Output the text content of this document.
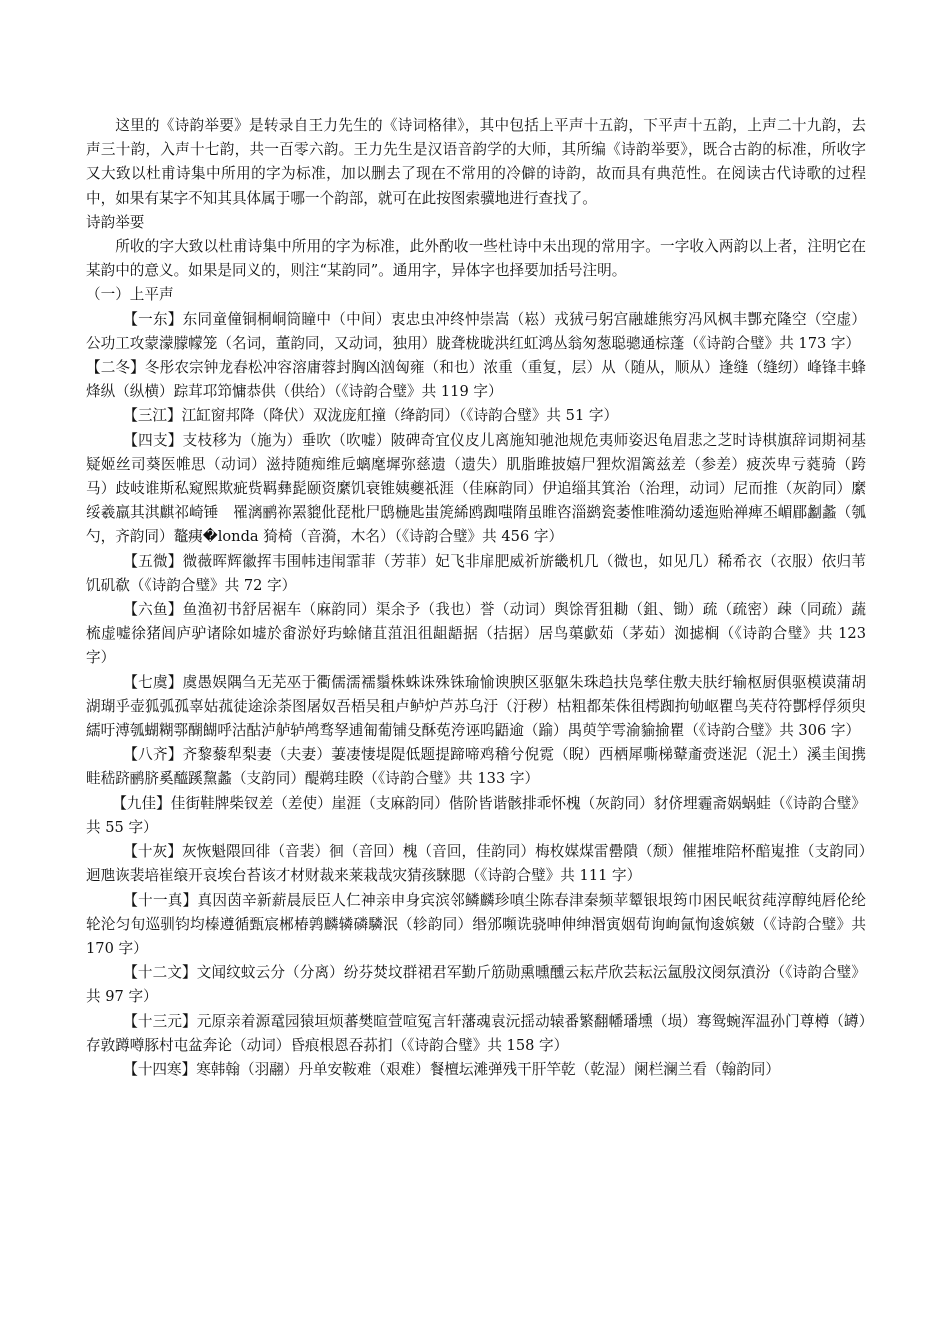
这里的《诗韵举要》是转录自王力先生的《诗词格律》，其中包括上平声十五韵，下平声十五韵，上声二十九韵，去声三十韵，入声十七韵，共一百零六韵。王力先生是汉语音韵学的大师，其所编《诗韵举要》，既合古韵的标准，所收字又大致以杜甫诗集中所用的字为标准，加以删去了现在不常用的冷僻的诗韵，故而具有典范性。在阅读古代诗歌的过程中，如果有某字不知其具体属于哪一个韵部，就可在此按图索骥地进行查找了。

诗韵举要

所收的字大致以杜甫诗集中所用的字为标准，此外酌收一些杜诗中未出现的常用字。一字收入两韵以上者，注明它在某韵中的意义。如果是同义的，则注“某韵同”。通用字，异体字也择要加括号注明。

（一）上平声

【一东】东同童僮铜桐峒筒瞳中（中间）衷忠虫冲终忡崇嵩（崧）戎狨弓躬宫融雄熊穷冯风枫丰酆充隆空（空虚）公功工攻蒙濛朦幪笼（名词，董韵同，又动词，独用）胧聋栊昽洪红虹鸿丛翁匆葱聪骢通棕蓬（《诗韵合璧》共 173 字）

【二冬】冬彤农宗钟龙舂松冲容溶庸蓉封胸凶汹匈雍（和也）浓重（重复，层）从（随从，顺从）逢缝（缝纫）峰锋丰蜂烽纵（纵横）踪茸邛笻慵恭供（供给）（《诗韵合璧》共 119 字）

【三江】江缸窗邦降（降伏）双泷庞舡撞（绛韵同）（《诗韵合璧》共 51 字）

【四支】支枝移为（施为）垂吹（吹嘘）陂碑奇宜仪皮儿离施知驰池规危夷师姿迟龟眉悲之芝时诗棋旗辞词期祠基疑姬丝司葵医帷思（动词）滋持随痴维卮螭麾墀弥慈遗（遗失）肌脂雎披嬉尸狸炊湄篱兹差（参差）疲茨卑亏蕤骑（跨马）歧岐谁斯私窥熙欺疵赀羁彝髭颐资縻饥衰锥姨夔祇涯（佳麻韵同）伊追缁其箕治（治理，动词）尼而推（灰韵同）縻绥羲羸其淇麒祁崎锤　罹漓鹂祢罴貔仳琵枇尸鸱椸匙蚩箎絺鸥踟嗤隋虽睢咨淄鹚瓷萎惟唯漪幼逶迤贻禅痺丕嵋郿劙蠡（瓠勺，齐韵同）鼇痍�londa 猗椅（音漪，木名）（《诗韵合璧》共 456 字）

【五微】微薇晖辉徽挥韦围帏违闱霏菲（芳菲）妃飞非扉肥威祈旂畿机几（微也，如见几）稀希衣（衣服）依归苇饥矶欷（《诗韵合璧》共 72 字）

【六鱼】鱼渔初书舒居裾车（麻韵同）渠余予（我也）誉（动词）舆馀胥狙耡（鉏、锄）疏（疏密）疎（同疏）蔬梳虚嘘徐猪闾庐驴诸除如墟於畬淤妤玙蜍储苴菹沮徂龃龉据（拮据）居鸟蕖歔茹（茅茹）洳摅榈（《诗韵合璧》共 123 字）

【七虞】虞愚娱隅刍无芜巫于衢儒濡襦鬚株蛛诛殊铢瑜愉谀腴区驱躯朱珠趋扶凫孳住敷夫肤纡输枢厨俱驱模谟蒲胡湖瑚乎壶狐弧孤辜姑菰徒途涂荼图屠奴吾梧吴租卢鲈炉芦苏乌汙（汙秽）枯粗都茱侏徂樗踟拘劬岖瞿鸟芙苻符酆桴俘须臾繻吁溥瓠蝴糊鄠醐餬呼沽酤泸舻轳鸬骛孥逋匍葡铺殳酥莬洿诬呜鼯逾（踰）禺萸竽雩渝貐揄瞿（《诗韵合璧》共 306 字）

【八齐】齐黎藜犁梨妻（夫妻）萋凄悽堤隄低题提蹄啼鸡稽兮倪霓（睨）西栖犀嘶梯鼙齑赍迷泥（泥土）溪圭闺携畦嵇跻鹂脐奚醯蹊黧蠡（支韵同）醍鹈珪睽（《诗韵合璧》共 133 字）

【九佳】佳街鞋牌柴钗差（差使）崖涯（支麻韵同）偕阶皆谐骸排乖怀槐（灰韵同）豺侪埋霾斋娲蜗蛙（《诗韵合璧》共 55 字）

【十灰】灰恢魁隈回徘（音裴）徊（音回）槐（音回，佳韵同）梅枚媒煤雷罍隤（颓）催摧堆陪杯醅嵬推（支韵同）迴虺诙裴培崔缞开哀埃台苔该才材财裁来莱栽哉灾猜孩騋腮（《诗韵合璧》共 111 字）

【十一真】真因茵辛新薪晨辰臣人仁神亲申身宾滨邻鳞麟珍嗔尘陈春津秦频苹颦银垠筠巾困民岷贫莼淳醇纯唇伦纶轮沦匀旬巡驯钧均榛遵循甄宸郴椿鹑麟辚磷驎泯（轸韵同）缗邠嚬诜骁呻伸绅湣寅姻荀询峋氤恂逡嫔皴（《诗韵合璧》共 170 字）

【十二文】文闻纹蚊云分（分离）纷芬焚坟群裙君军勤斤筋勋熏曛醺云耘芹欣芸耘沄氲殷汶阌氛濆汾（《诗韵合璧》共 97 字）

【十三元】元原亲着源鼋园猿垣烦蕃樊暄萱喧冤言轩藩魂袁沅揺动辕番繁翻幡璠壎（埙）骞鸳蜿浑温孙门尊樽（罇）存敦蹲噂豚村屯盆奔论（动词）昏痕根恩吞荪扪（《诗韵合璧》共 158 字）

【十四寒】寒韩翰（羽翮）丹单安鞍难（艰难）餐檀坛滩弹残干肝竿乾（乾湿）阑栏澜兰看（翰韵同）
